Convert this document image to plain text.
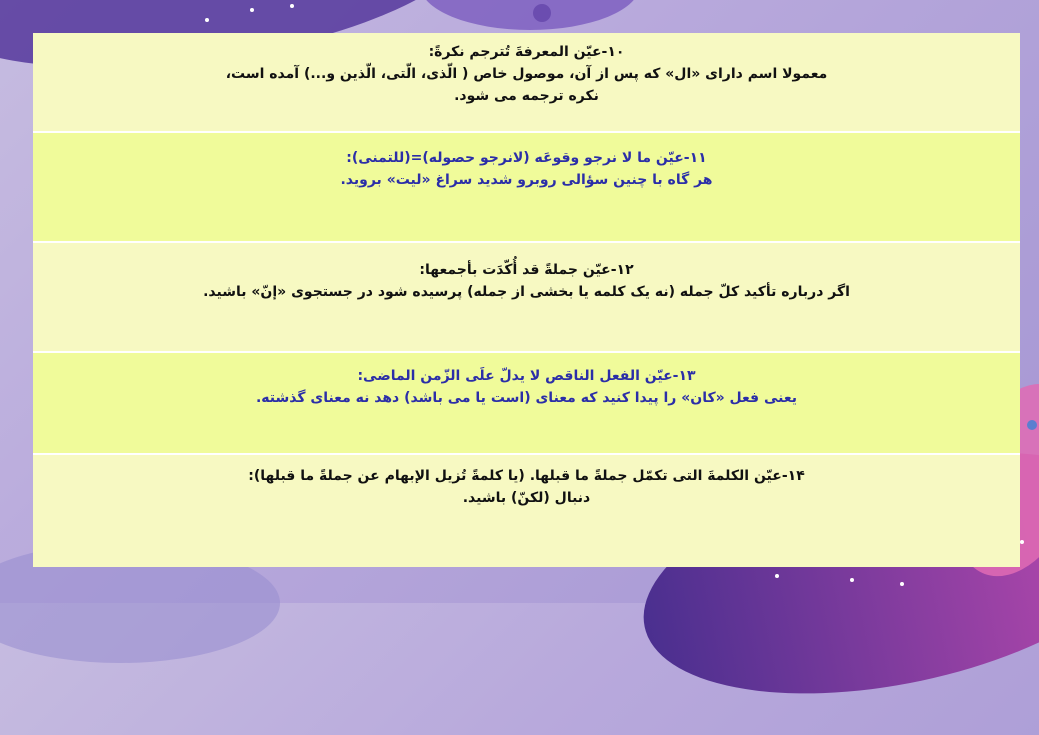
۱۰-عیّن المعرفةَ تُترجم نکرةً:
معمولا اسم دارای «ال» که پس از آن، موصول خاص ( الّذی، الّتی، الّذین و...) آمده است،
نکره ترجمه می شود.
۱۱-عیّن ما لا نرجو وقوعَه (لانرجو حصوله)=(للتمنی):
هر گاه با چنین سؤالی روبرو شدید سراغ «لیت» بروید.
۱۲-عیّن جملةً قد أُکّدَت بأجمعها:
اگر درباره تأکید کلّ جمله (نه یک کلمه یا بخشی از جمله) پرسیده شود در جستجوی «إنّ» باشید.
۱۳-عیّن الفعل الناقص لا یدلّ علَی الزّمن الماضی:
یعنی فعل «کان» را پیدا کنید که معنای (است یا می باشد) دهد نه معنای گذشته.
۱۴-عیّن الکلمةَ التی تکمّل جملةً ما قبلها. (یا کلمةً تُزیل الإبهام عن جملةً ما قبلها):
دنبال (لکنّ) باشید.
